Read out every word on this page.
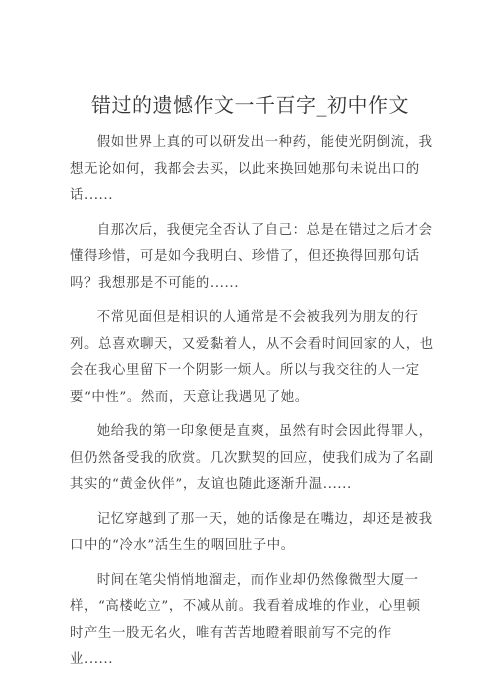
错过的遗憾作文一千百字_初中作文

假如世界上真的可以研发出一种药，能使光阴倒流，我想无论如何，我都会去买，以此来换回她那句未说出口的话......

自那次后，我便完全否认了自己：总是在错过之后才会懂得珍惜，可是如今我明白、珍惜了，但还换得回那句话吗？我想那是不可能的......

不常见面但是相识的人通常是不会被我列为朋友的行列。总喜欢聊天，又爱黏着人，从不会看时间回家的人，也会在我心里留下一个阴影一烦人。所以与我交往的人一定要“中性”。然而，天意让我遇见了她。

她给我的第一印象便是直爽，虽然有时会因此得罪人，但仍然备受我的欣赏。几次默契的回应，使我们成为了名副其实的“黄金伙伴”，友谊也随此逐渐升温......

记忆穿越到了那一天，她的话像是在嘴边，却还是被我口中的“冷水”活生生的咽回肚子中。

时间在笔尖悄悄地溜走，而作业却仍然像微型大厦一样，“高楼屹立”，不减从前。我看着成堆的作业，心里顿时产生一股无名火，唯有苦苦地瞪着眼前写不完的作业......
